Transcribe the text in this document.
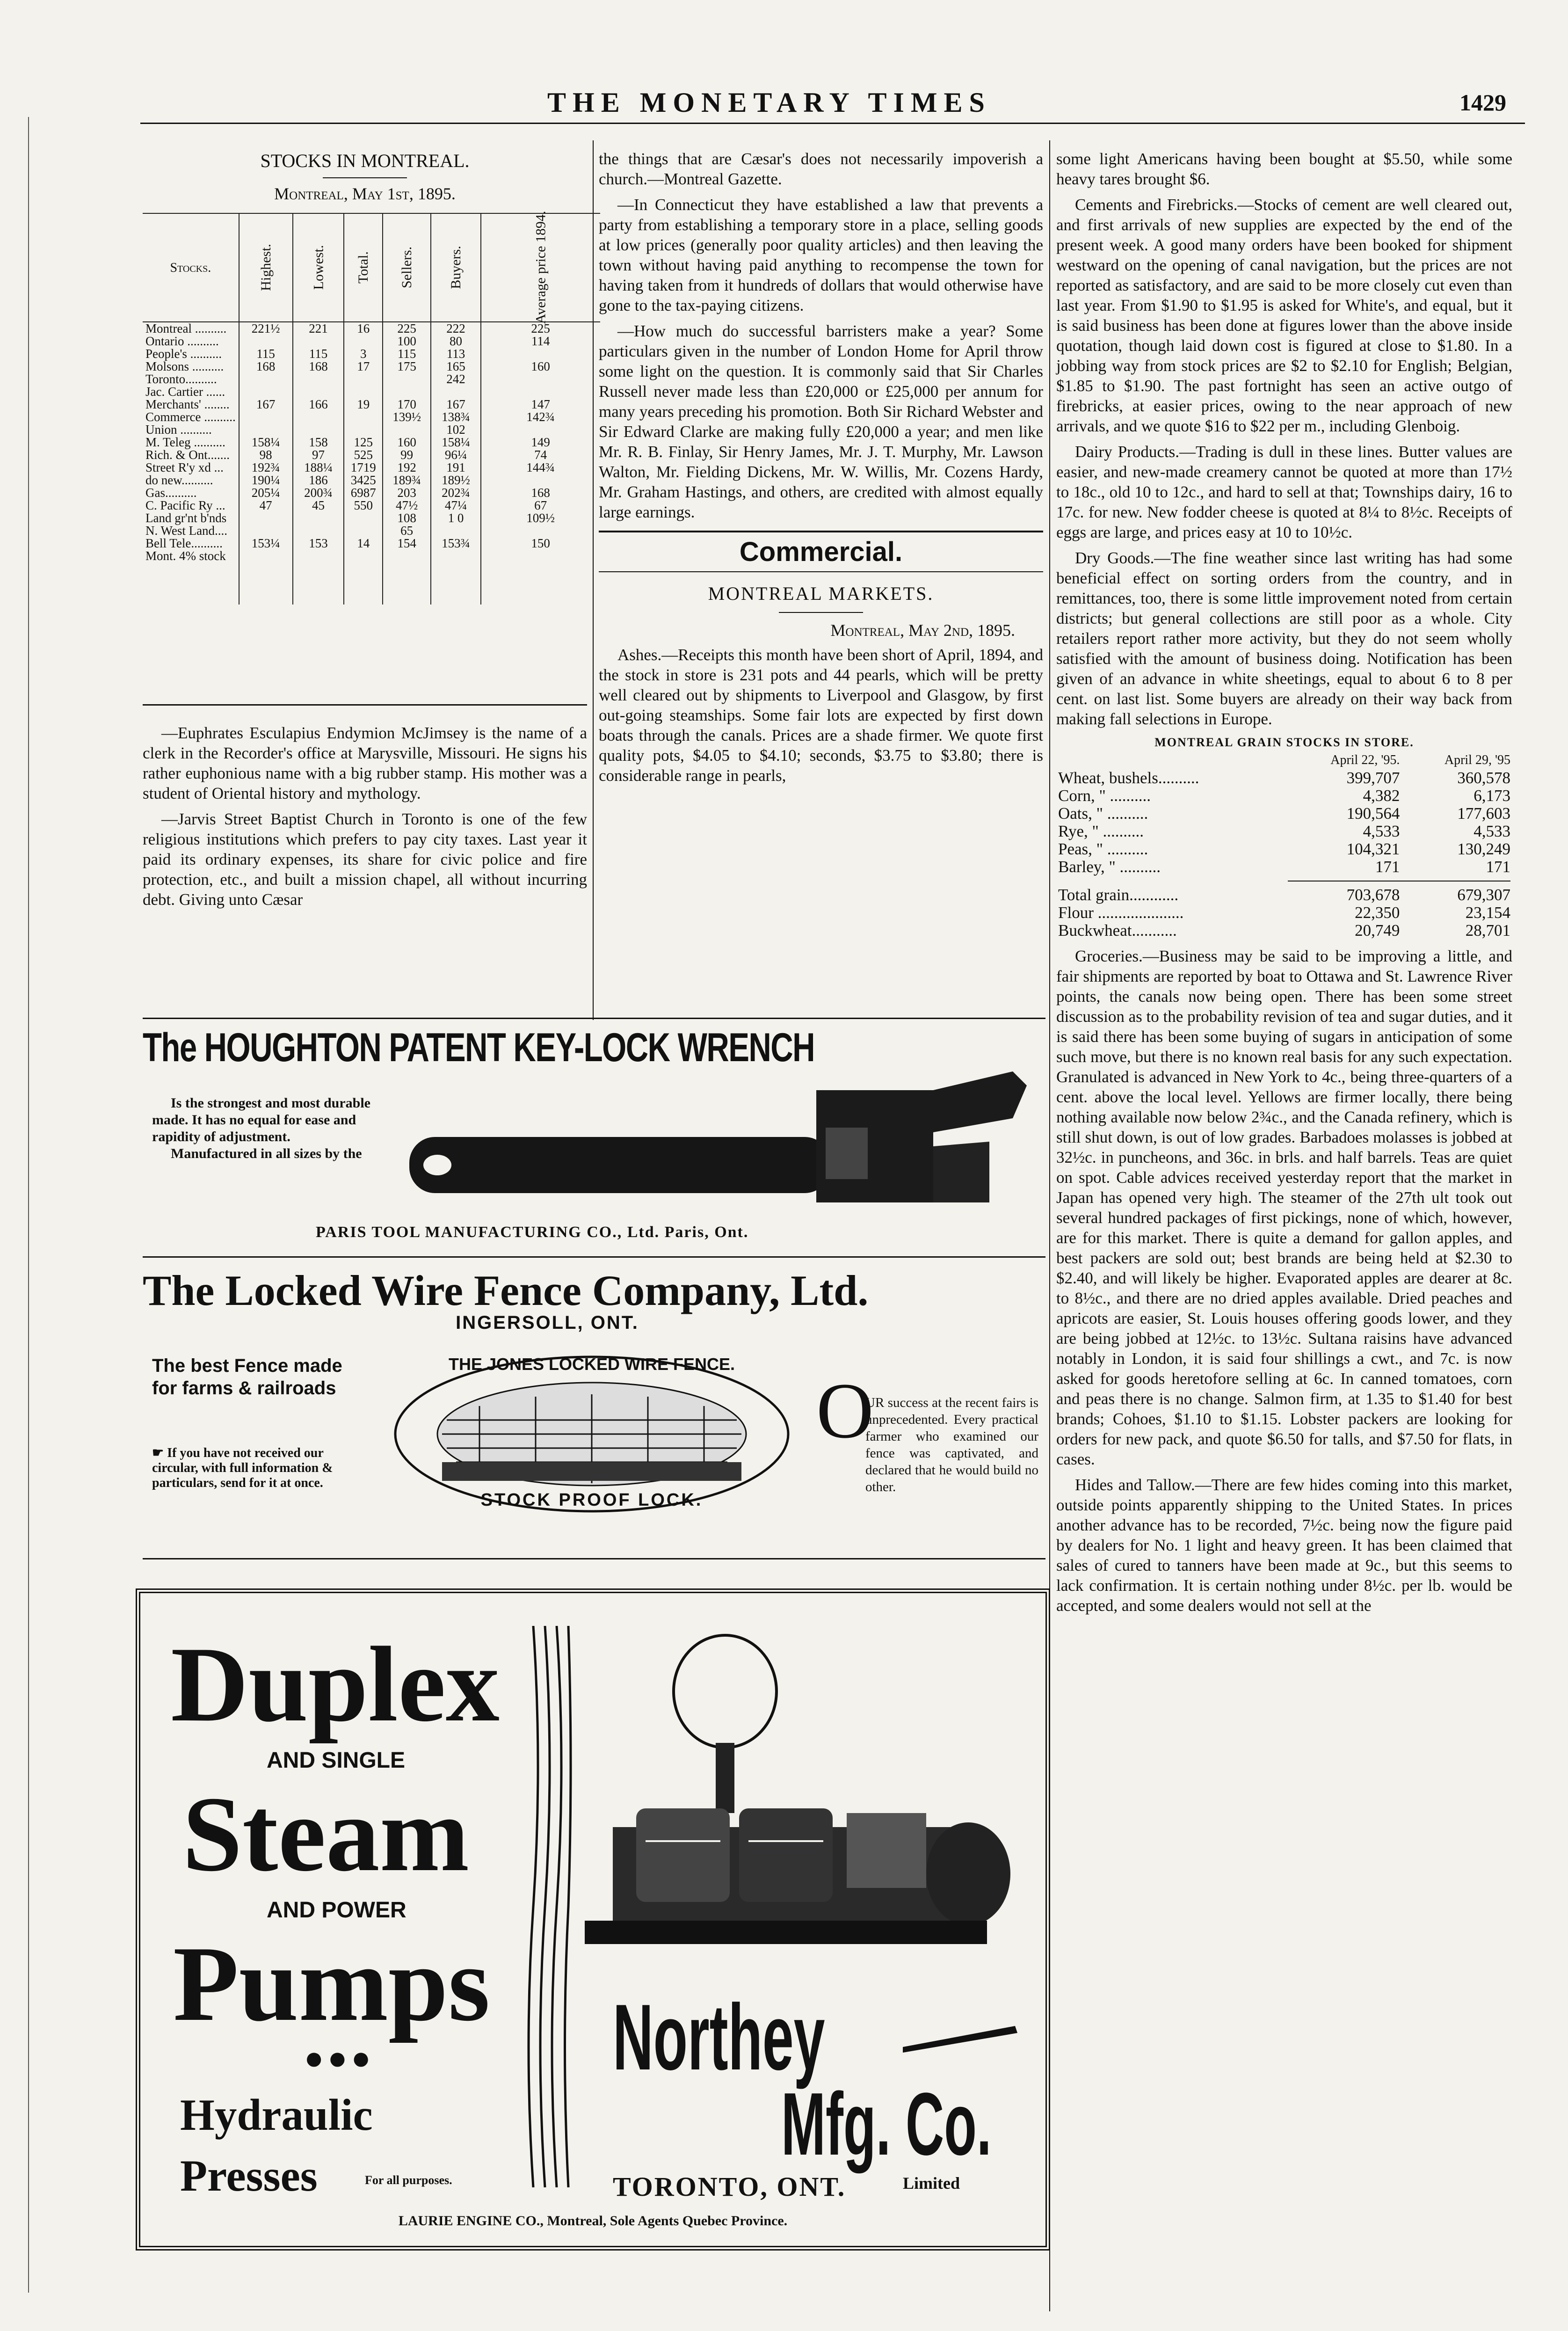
THE MONETARY TIMES	1429
STOCKS IN MONTREAL.
Montreal, May 1st, 1895.
Stocks.	Highest.	Lowest.	Total.	Sellers.	Buyers.	Average price 1894.
Montreal ..........	221½	221	16	225	222	225
Ontario ..........				100	80	114
People's ..........	115	115	3	115	113	
Molsons ..........	168	168	17	175	165	160
Toronto..........					242	
Jac. Cartier ......						
Merchants' ........	167	166	19	170	167	147
Commerce ..........				139½	138¾	142¾
Union ..........					102	
M. Teleg ..........	158¼	158	125	160	158¼	149
Rich. & Ont.......	98	97	525	99	96¼	74
Street R'y xd ...	192¾	188¼	1719	192	191	144¾
do new..........	190¼	186	3425	189¾	189½	
Gas..........	205¼	200¾	6987	203	202¾	168
C. Pacific Ry ...	47	45	550	47½	47¼	67
Land gr'nt b'nds				108	1 0	109½
N. West Land....				65		
Bell Tele..........	153¼	153	14	154	153¾	150
Mont. 4% stock						

—Euphrates Esculapius Endymion McJimsey is the name of a clerk in the Recorder's office at Marysville, Missouri. He signs his rather euphonious name with a big rubber stamp. His mother was a student of Oriental history and mythology.

—Jarvis Street Baptist Church in Toronto is one of the few religious institutions which prefers to pay city taxes. Last year it paid its ordinary expenses, its share for civic police and fire protection, etc., and built a mission chapel, all without incurring debt. Giving unto Cæsar

the things that are Cæsar's does not necessarily impoverish a church.—Montreal Gazette.

—In Connecticut they have established a law that prevents a party from establishing a temporary store in a place, selling goods at low prices (generally poor quality articles) and then leaving the town without having paid anything to recompense the town for having taken from it hundreds of dollars that would otherwise have gone to the tax-paying citizens.

—How much do successful barristers make a year? Some particulars given in the number of London Home for April throw some light on the question. It is commonly said that Sir Charles Russell never made less than £20,000 or £25,000 per annum for many years preceding his promotion. Both Sir Richard Webster and Sir Edward Clarke are making fully £20,000 a year; and men like Mr. R. B. Finlay, Sir Henry James, Mr. J. T. Murphy, Mr. Lawson Walton, Mr. Fielding Dickens, Mr. W. Willis, Mr. Cozens Hardy, Mr. Graham Hastings, and others, are credited with almost equally large earnings.

Commercial.
MONTREAL MARKETS.
Montreal, May 2nd, 1895.

Ashes.—Receipts this month have been short of April, 1894, and the stock in store is 231 pots and 44 pearls, which will be pretty well cleared out by shipments to Liverpool and Glasgow, by first out-going steamships. Some fair lots are expected by first down boats through the canals. Prices are a shade firmer. We quote first quality pots, $4.05 to $4.10; seconds, $3.75 to $3.80; there is considerable range in pearls,

some light Americans having been bought at $5.50, while some heavy tares brought $6.

Cements and Firebricks.—Stocks of cement are well cleared out, and first arrivals of new supplies are expected by the end of the present week. A good many orders have been booked for shipment westward on the opening of canal navigation, but the prices are not reported as satisfactory, and are said to be more closely cut even than last year. From $1.90 to $1.95 is asked for White's, and equal, but it is said business has been done at figures lower than the above inside quotation, though laid down cost is figured at close to $1.80. In a jobbing way from stock prices are $2 to $2.10 for English; Belgian, $1.85 to $1.90. The past fortnight has seen an active outgo of firebricks, at easier prices, owing to the near approach of new arrivals, and we quote $16 to $22 per m., including Glenboig.

Dairy Products.—Trading is dull in these lines. Butter values are easier, and new-made creamery cannot be quoted at more than 17½ to 18c., old 10 to 12c., and hard to sell at that; Townships dairy, 16 to 17c. for new. New fodder cheese is quoted at 8¼ to 8½c. Receipts of eggs are large, and prices easy at 10 to 10½c.

Dry Goods.—The fine weather since last writing has had some beneficial effect on sorting orders from the country, and in remittances, too, there is some little improvement noted from certain districts; but general collections are still poor as a whole. City retailers report rather more activity, but they do not seem wholly satisfied with the amount of business doing. Notification has been given of an advance in white sheetings, equal to about 6 to 8 per cent. on last list. Some buyers are already on their way back from making fall selections in Europe.

MONTREAL GRAIN STOCKS IN STORE.
	April 22, '95.	April 29, '95
Wheat, bushels..........	399,707	360,578
Corn, " ..........	4,382	6,173
Oats, " ..........	190,564	177,603
Rye, " ..........	4,533	4,533
Peas, " ..........	104,321	130,249
Barley, " ..........	171	171

Total grain............	703,678	679,307
Flour .....................	22,350	23,154
Buckwheat...........	20,749	28,701

Groceries.—Business may be said to be improving a little, and fair shipments are reported by boat to Ottawa and St. Lawrence River points, the canals now being open. There has been some street discussion as to the probability revision of tea and sugar duties, and it is said there has been some buying of sugars in anticipation of some such move, but there is no known real basis for any such expectation. Granulated is advanced in New York to 4c., being three-quarters of a cent. above the local level. Yellows are firmer locally, there being nothing available now below 2¾c., and the Canada refinery, which is still shut down, is out of low grades. Barbadoes molasses is jobbed at 32½c. in puncheons, and 36c. in brls. and half barrels. Teas are quiet on spot. Cable advices received yesterday report that the market in Japan has opened very high. The steamer of the 27th ult took out several hundred packages of first pickings, none of which, however, are for this market. There is quite a demand for gallon apples, and best packers are sold out; best brands are being held at $2.30 to $2.40, and will likely be higher. Evaporated apples are dearer at 8c. to 8½c., and there are no dried apples available. Dried peaches and apricots are easier, St. Louis houses offering goods lower, and they are being jobbed at 12½c. to 13½c. Sultana raisins have advanced notably in London, it is said four shillings a cwt., and 7c. is now asked for goods heretofore selling at 6c. In canned tomatoes, corn and peas there is no change. Salmon firm, at 1.35 to $1.40 for best brands; Cohoes, $1.10 to $1.15. Lobster packers are looking for orders for new pack, and quote $6.50 for talls, and $7.50 for flats, in cases.

Hides and Tallow.—There are few hides coming into this market, outside points apparently shipping to the United States. In prices another advance has to be recorded, 7½c. being now the figure paid by dealers for No. 1 light and heavy green. It has been claimed that sales of cured to tanners have been made at 9c., but this seems to lack confirmation. It is certain nothing under 8½c. per lb. would be accepted, and some dealers would not sell at the

The HOUGHTON PATENT KEY-LOCK WRENCH
Is the strongest and most durable made. It has no equal for ease and rapidity of adjustment.
Manufactured in all sizes by the
PARIS TOOL MANUFACTURING CO., Ltd. Paris, Ont.
The Locked Wire Fence Company, Ltd.
INGERSOLL, ONT.
The best Fence made for farms & railroads
☛ If you have not received our circular, with full information & particulars, send for it at once.
THE JONES LOCKED WIRE FENCE.
STOCK PROOF LOCK.
O
UR success at the recent fairs is unprecedented. Every practical farmer who examined our fence was captivated, and declared that he would build no other.
Duplex
AND SINGLE
Steam
AND POWER
Pumps
●●●
Hydraulic
Presses	For all purposes.
Northey
Mfg. Co.
Limited
TORONTO, ONT.
LAURIE ENGINE CO., Montreal, Sole Agents Quebec Province.
